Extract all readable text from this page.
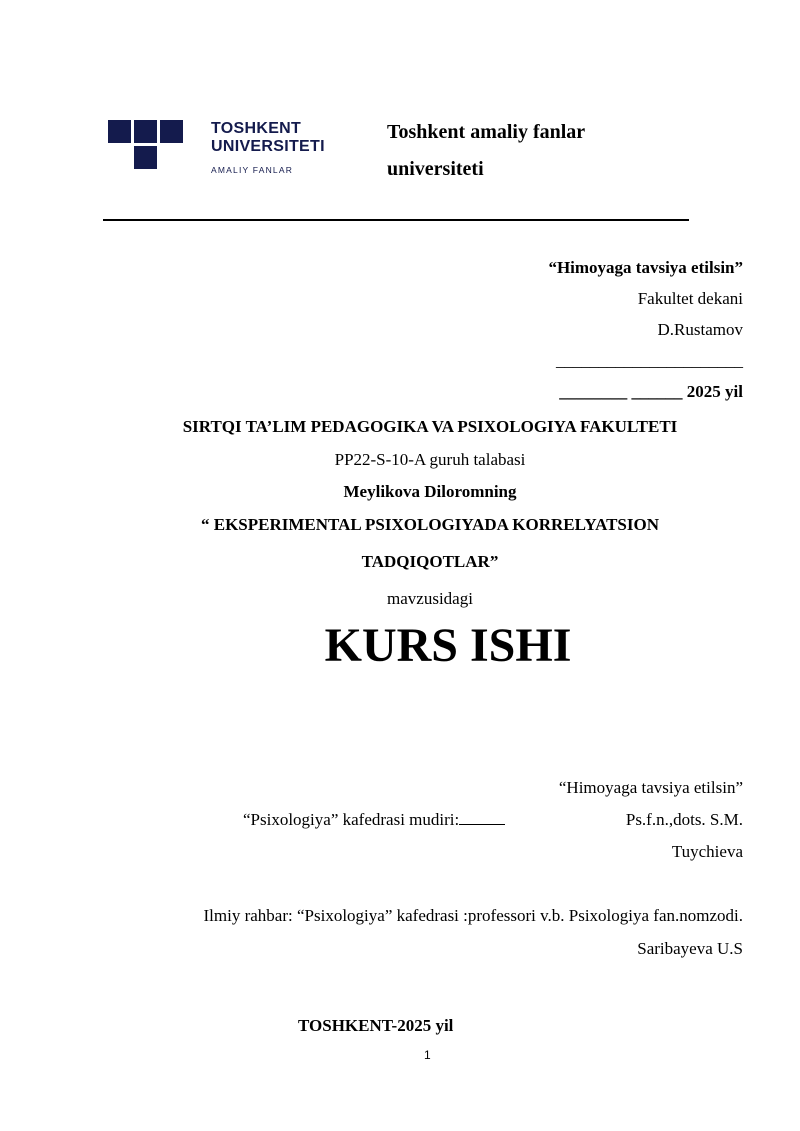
TOSHKENT
UNIVERSITETI
AMALIY FANLAR
Toshkent amaliy fanlar
universiteti
“Himoyaga tavsiya etilsin”
Fakultet dekani
D.Rustamov
______________________
________ ______ 2025 yil
SIRTQI TA’LIM PEDAGOGIKA VA PSIXOLOGIYA FAKULTETI
PP22-S-10-A guruh talabasi
Meylikova Diloromning
“ EKSPERIMENTAL PSIXOLOGIYADA KORRELYATSION
TADQIQOTLAR”
mavzusidagi
KURS ISHI
“Himoyaga tavsiya etilsin”
“Psixologiya” kafedrasi mudiri:	Ps.f.n.,dots. S.M.
Tuychieva
Ilmiy rahbar: “Psixologiya” kafedrasi :professori v.b. Psixologiya fan.nomzodi.
Saribayeva U.S
TOSHKENT-2025 yil
1
